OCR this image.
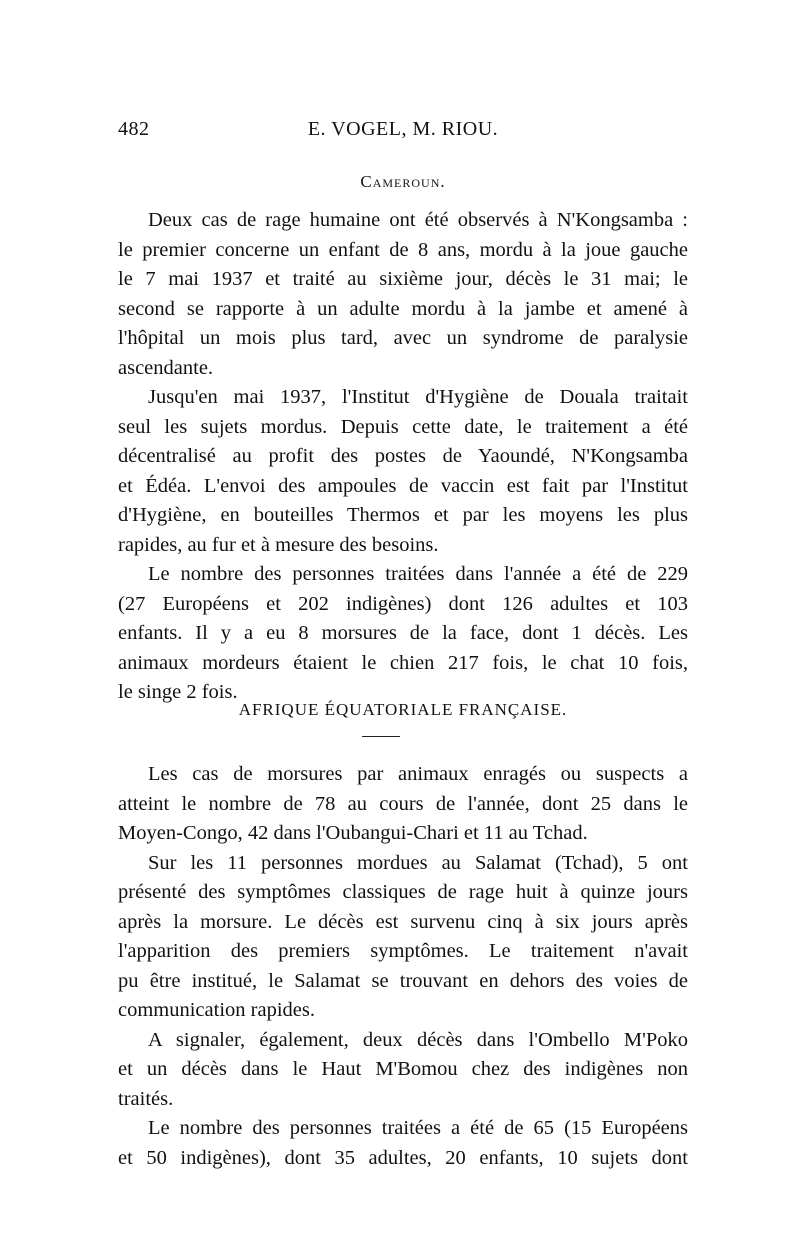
482	E. VOGEL, M. RIOU.
Cameroun.
Deux cas de rage humaine ont été observés à N'Kongsamba :
le premier concerne un enfant de 8 ans, mordu à la joue gauche
le 7 mai 1937 et traité au sixième jour, décès le 31 mai; le
second se rapporte à un adulte mordu à la jambe et amené à
l'hôpital un mois plus tard, avec un syndrome de paralysie
ascendante.
Jusqu'en mai 1937, l'Institut d'Hygiène de Douala traitait
seul les sujets mordus. Depuis cette date, le traitement a été
décentralisé au profit des postes de Yaoundé, N'Kongsamba
et Édéa. L'envoi des ampoules de vaccin est fait par l'Institut
d'Hygiène, en bouteilles Thermos et par les moyens les plus
rapides, au fur et à mesure des besoins.
Le nombre des personnes traitées dans l'année a été de 229
(27 Européens et 202 indigènes) dont 126 adultes et 103
enfants. Il y a eu 8 morsures de la face, dont 1 décès. Les
animaux mordeurs étaient le chien 217 fois, le chat 10 fois,
le singe 2 fois.
AFRIQUE ÉQUATORIALE FRANÇAISE.
Les cas de morsures par animaux enragés ou suspects a
atteint le nombre de 78 au cours de l'année, dont 25 dans le
Moyen-Congo, 42 dans l'Oubangui-Chari et 11 au Tchad.
Sur les 11 personnes mordues au Salamat (Tchad), 5 ont
présenté des symptômes classiques de rage huit à quinze jours
après la morsure. Le décès est survenu cinq à six jours après
l'apparition des premiers symptômes. Le traitement n'avait
pu être institué, le Salamat se trouvant en dehors des voies de
communication rapides.
A signaler, également, deux décès dans l'Ombello M'Poko
et un décès dans le Haut M'Bomou chez des indigènes non
traités.
Le nombre des personnes traitées a été de 65 (15 Européens
et 50 indigènes), dont 35 adultes, 20 enfants, 10 sujets dont
